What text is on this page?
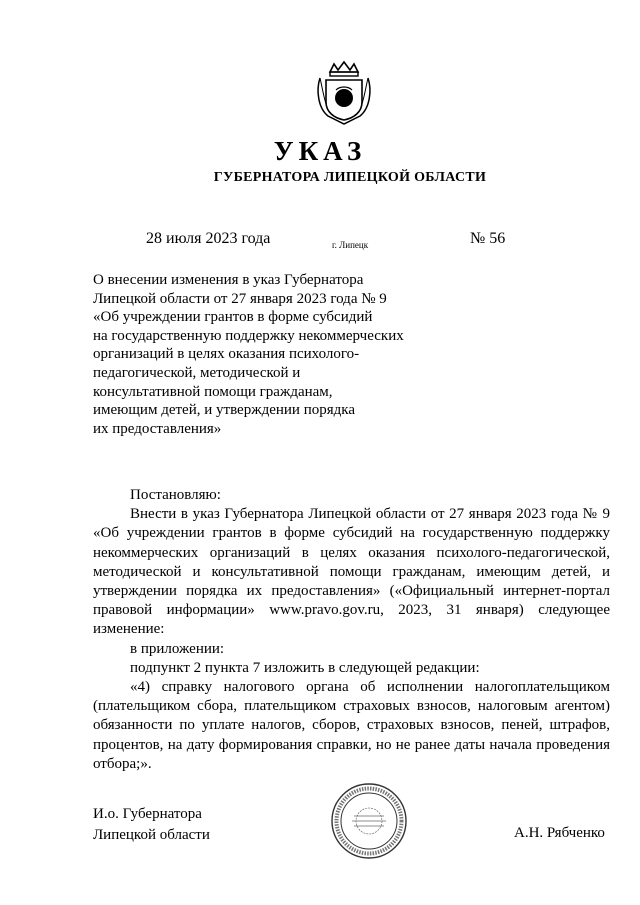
УКАЗ
ГУБЕРНАТОРА ЛИПЕЦКОЙ ОБЛАСТИ
28 июля 2023 года	г. Липецк	№ 56
О внесении изменения в указ Губернатора
Липецкой области от 27 января 2023 года № 9
«Об учреждении грантов в форме субсидий
на государственную поддержку некоммерческих
организаций в целях оказания психолого-
педагогической, методической и
консультативной помощи гражданам,
имеющим детей, и утверждении порядка
их предоставления»

Постановляю:

Внести в указ Губернатора Липецкой области от 27 января 2023 года № 9 «Об учреждении грантов в форме субсидий на государственную поддержку некоммерческих организаций в целях оказания психолого-педагогической, методической и консультативной помощи гражданам, имеющим детей, и утверждении порядка их предоставления» («Официальный интернет-портал правовой информации» www.pravo.gov.ru, 2023, 31 января) следующее изменение:

в приложении:

подпункт 2 пункта 7 изложить в следующей редакции:

«4) справку налогового органа об исполнении налогоплательщиком (плательщиком сбора, плательщиком страховых взносов, налоговым агентом) обязанности по уплате налогов, сборов, страховых взносов, пеней, штрафов, процентов, на дату формирования справки, но не ранее даты начала проведения отбора;».

И.о. Губернатора
Липецкой области	А.Н. Рябченко
